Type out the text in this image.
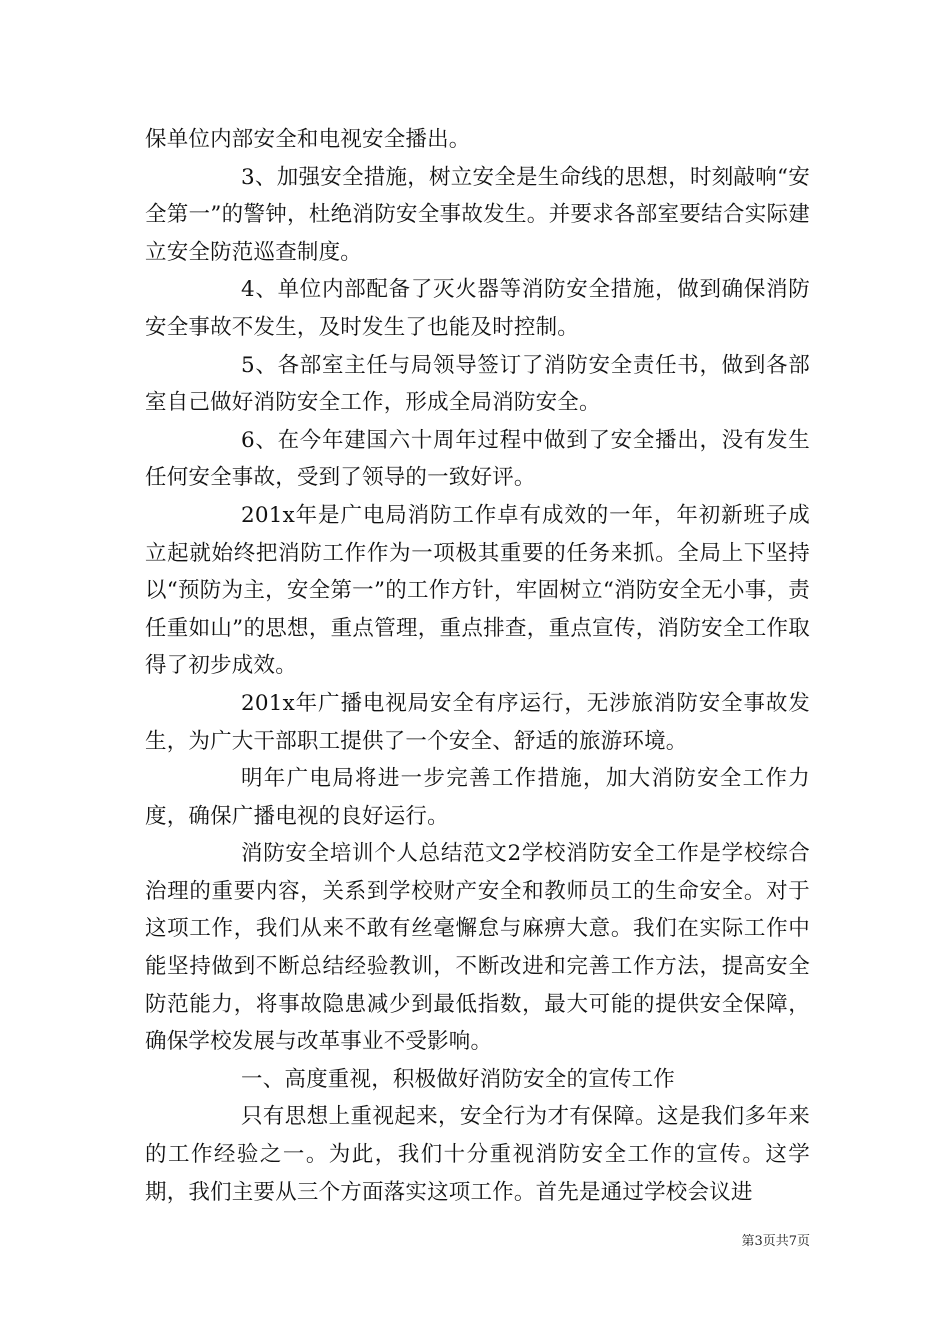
保单位内部安全和电视安全播出。

3、加强安全措施，树立安全是生命线的思想，时刻敲响“安全第一”的警钟，杜绝消防安全事故发生。并要求各部室要结合实际建立安全防范巡查制度。

4、单位内部配备了灭火器等消防安全措施，做到确保消防安全事故不发生，及时发生了也能及时控制。

5、各部室主任与局领导签订了消防安全责任书，做到各部室自己做好消防安全工作，形成全局消防安全。

6、在今年建国六十周年过程中做到了安全播出，没有发生任何安全事故，受到了领导的一致好评。

201x年是广电局消防工作卓有成效的一年，年初新班子成立起就始终把消防工作作为一项极其重要的任务来抓。全局上下坚持以“预防为主，安全第一”的工作方针，牢固树立“消防安全无小事，责任重如山”的思想，重点管理，重点排查，重点宣传，消防安全工作取得了初步成效。

201x年广播电视局安全有序运行，无涉旅消防安全事故发生，为广大干部职工提供了一个安全、舒适的旅游环境。

明年广电局将进一步完善工作措施，加大消防安全工作力度，确保广播电视的良好运行。

消防安全培训个人总结范文2学校消防安全工作是学校综合治理的重要内容，关系到学校财产安全和教师员工的生命安全。对于这项工作，我们从来不敢有丝毫懈怠与麻痹大意。我们在实际工作中能坚持做到不断总结经验教训，不断改进和完善工作方法，提高安全防范能力，将事故隐患减少到最低指数，最大可能的提供安全保障，确保学校发展与改革事业不受影响。

一、高度重视，积极做好消防安全的宣传工作

只有思想上重视起来，安全行为才有保障。这是我们多年来的工作经验之一。为此，我们十分重视消防安全工作的宣传。这学期，我们主要从三个方面落实这项工作。首先是通过学校会议进

第3页共7页
